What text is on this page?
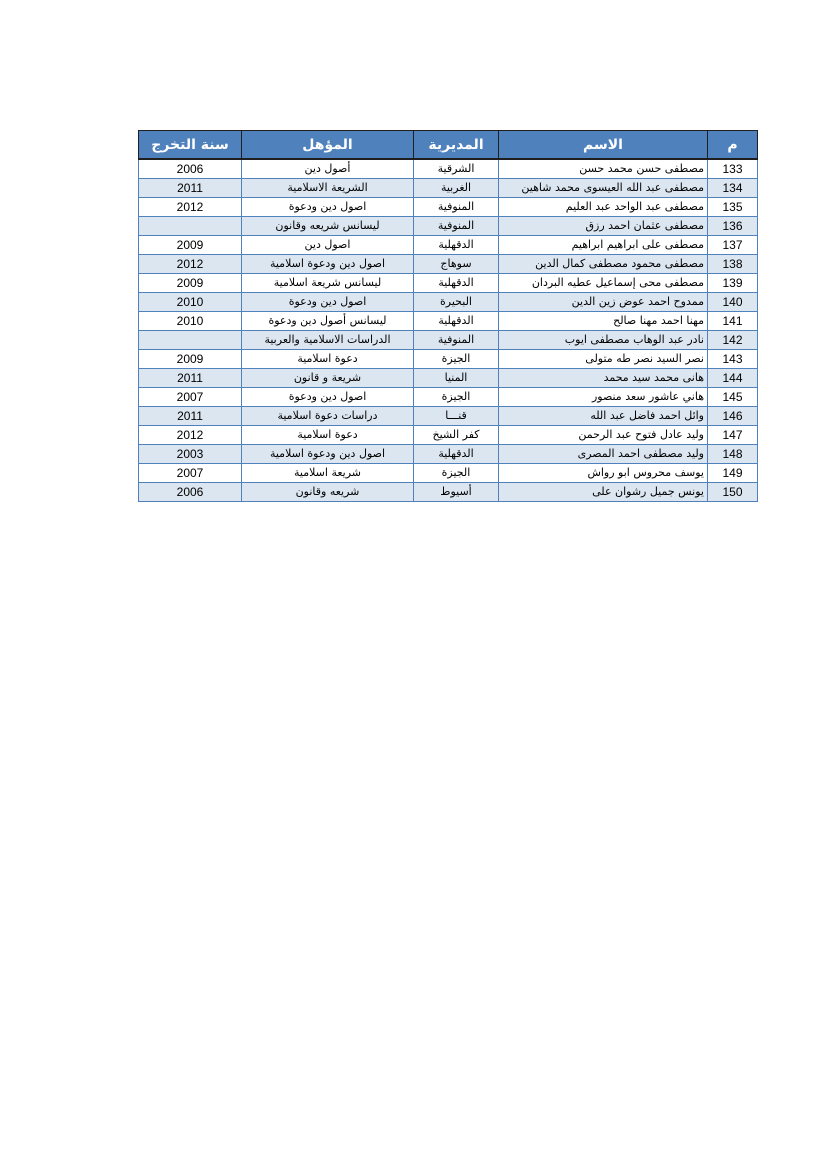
م	الاسم	المديرية	المؤهل	سنة التخرج
133	مصطفى حسن محمد حسن	الشرقية	أصول دين	2006
134	مصطفى عبد الله العيسوى محمد شاهين	الغربية	الشريعة الاسلامية	2011
135	مصطفى عبد الواحد عبد العليم	المنوفية	اصول دين ودعوة	2012
136	مصطفى عثمان احمد رزق	المنوفية	ليسانس شريعه وقانون	
137	مصطفى على ابراهيم ابراهيم	الدقهلية	اصول دين	2009
138	مصطفى محمود مصطفى كمال الدين	سوهاج	اصول دين ودعوة اسلامية	2012
139	مصطفى محى إسماعيل عطيه البردان	الدقهلية	ليسانس شريعة اسلامية	2009
140	ممدوح احمد عوض زين الدين	البحيرة	اصول دين ودعوة	2010
141	مهنا احمد مهنا صالح	الدقهلية	ليسانس أصول دين ودعوة	2010
142	نادر عبد الوهاب مصطفى ايوب	المنوفية	الدراسات الاسلامية والعربية	
143	نصر السيد نصر طه متولى	الجيزة	دعوة اسلامية	2009
144	هانى محمد سيد محمد	المنيا	شريعة و قانون	2011
145	هاني عاشور سعد منصور	الجيزة	اصول دين ودعوة	2007
146	وائل احمد فاضل عبد الله	قنـــا	دراسات دعوة اسلامية	2011
147	وليد عادل فتوح عبد الرحمن	كفر الشيخ	دعوة اسلامية	2012
148	وليد مصطفى احمد المصرى	الدقهلية	اصول دين ودعوة اسلامية	2003
149	يوسف محروس ابو رواش	الجيزة	شريعة اسلامية	2007
150	يونس جميل رشوان على	أسيوط	شريعه وقانون	2006
